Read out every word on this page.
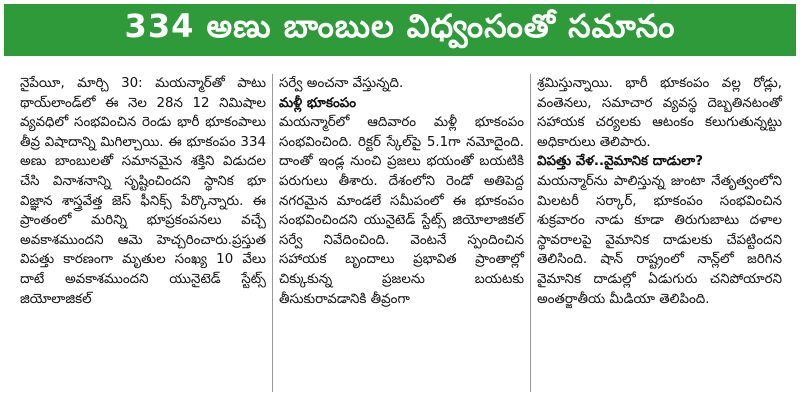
334 అణు బాంబుల విధ్వంసంతో సమానం

నైపేయీ, మార్చి 30: మయన్మార్‌తో పాటు థాయ్‌లాండ్‌లో ఈ నెల 28న 12 నిమిషాల వ్యవధిలో సంభవించిన రెండు భారీ భూకంపాలు తీవ్ర విషాదాన్ని మిగిల్చాయి. ఈ భూకంపం 334 అణు బాంబులతో సమానమైన శక్తిని విడుదల చేసి వినాశనాన్ని సృష్టించిందని స్థానిక భూ విజ్ఞాన శాస్త్రవేత్త జెస్ ఫీనిక్స్ పేర్కొన్నారు. ఈ ప్రాంతంలో మరిన్ని భూప్రకంపనలు వచ్చే అవకాశముందని ఆమె హెచ్చరించారు.ప్రస్తుత విపత్తు కారణంగా మృతుల సంఖ్య 10 వేలు దాటే అవకాశముందని యునైటెడ్ స్టేట్స్ జియోలాజికల్

సర్వే అంచనా వేస్తున్నది.

మళ్లీ భూకంపం

మయన్మార్‌లో ఆదివారం మళ్లీ భూకంపం సంభవించింది. రిక్టర్ స్కేల్‌పై 5.1గా నమోదైంది. దాంతో ఇండ్ల నుంచి ప్రజలు భయంతో బయటికి పరుగులు తీశారు. దేశంలోని రెండో అతిపెద్ద నగరమైన మాండలే సమీపంలో ఈ భూకంపం సంభవించిందని యునైటెడ్ స్టేట్స్ జియోలాజికల్ సర్వే నివేదించింది. వెంటనే స్పందించిన సహాయక బృందాలు ప్రభావిత ప్రాంతాల్లో చిక్కుకున్న ప్రజలను బయటకు తీసుకురావడానికి తీవ్రంగా

శ్రమిస్తున్నాయి. భారీ భూకంపం వల్ల రోడ్లు, వంతెనలు, సమాచార వ్యవస్థ దెబ్బతినటంతో సహాయక చర్యలకు ఆటంకం కలుగుతున్నట్టు అధికారులు తెలిపారు.

విపత్తు వేళ..వైమానిక దాడులా?

మయన్మార్‌ను పాలిస్తున్న జుంటా నేతృత్వంలోని మిలటరీ సర్కార్, భూకంపం సంభవించిన శుక్రవారం నాడు కూడా తిరుగుబాటు దళాల స్థావరాలపై వైమానిక దాడులకు చేపట్టిందని తెలిసింది. షాన్ రాష్ట్రంలో నాన్ల్‌లో జరిగిన వైమానిక దాడుల్లో ఏడుగురు చనిపోయారని అంతర్జాతీయ మీడియా తెలిపింది.
